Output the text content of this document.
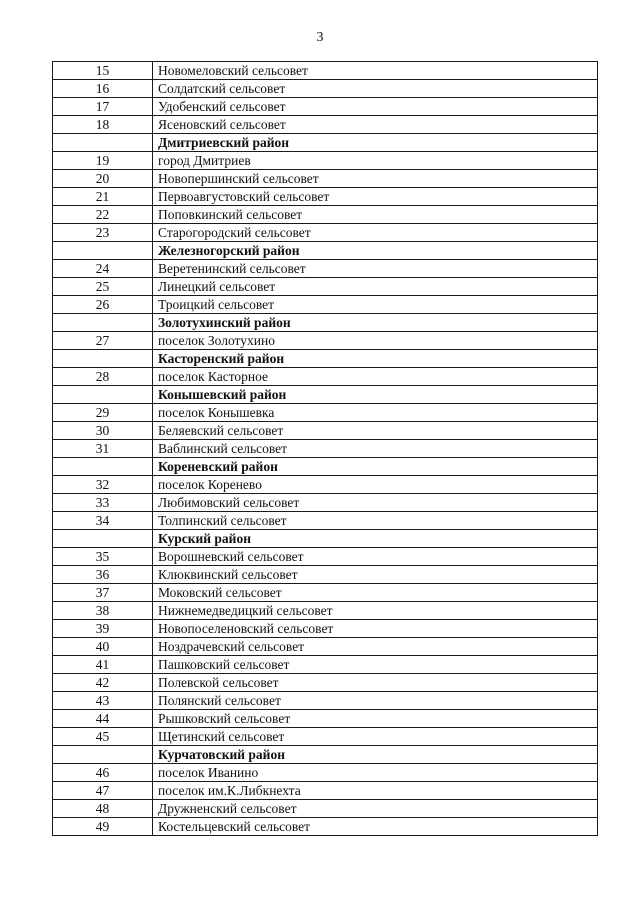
3
15	Новомеловский сельсовет
16	Солдатский сельсовет
17	Удобенский сельсовет
18	Ясеновский сельсовет
	Дмитриевский район
19	город Дмитриев
20	Новопершинский сельсовет
21	Первоавгустовский сельсовет
22	Поповкинский сельсовет
23	Старогородский сельсовет
	Железногорский район
24	Веретенинский сельсовет
25	Линецкий сельсовет
26	Троицкий сельсовет
	Золотухинский район
27	поселок Золотухино
	Касторенский район
28	поселок Касторное
	Конышевский район
29	поселок Конышевка
30	Беляевский сельсовет
31	Ваблинский сельсовет
	Кореневский район
32	поселок Коренево
33	Любимовский сельсовет
34	Толпинский сельсовет
	Курский район
35	Ворошневский сельсовет
36	Клюквинский сельсовет
37	Моковский сельсовет
38	Нижнемедведицкий сельсовет
39	Новопоселеновский сельсовет
40	Ноздрачевский сельсовет
41	Пашковский сельсовет
42	Полевской сельсовет
43	Полянский сельсовет
44	Рышковский сельсовет
45	Щетинский сельсовет
	Курчатовский район
46	поселок Иванино
47	поселок им.К.Либкнехта
48	Дружненский сельсовет
49	Костельцевский сельсовет
